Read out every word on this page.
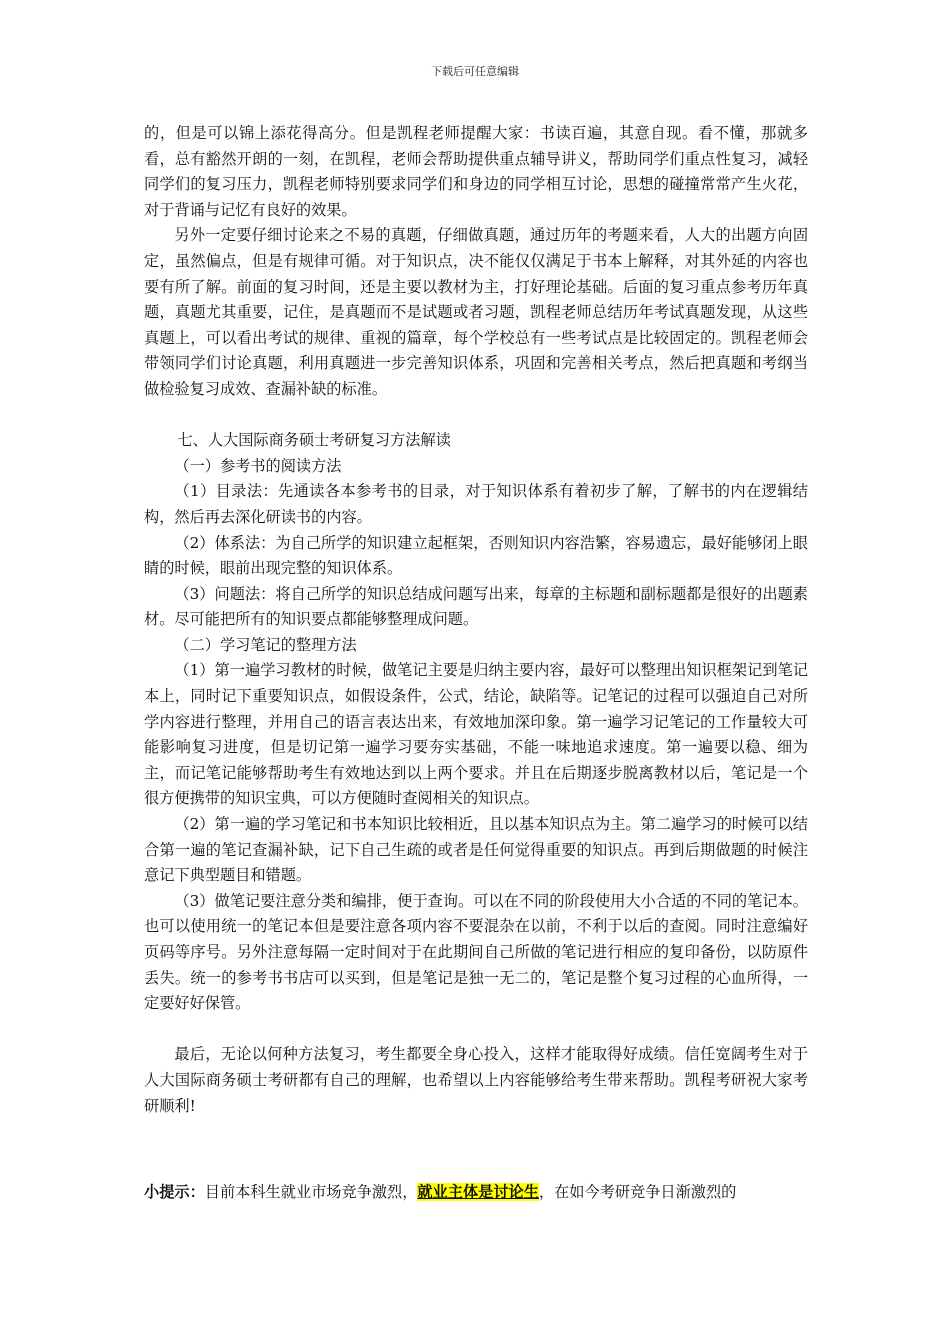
下载后可任意编辑

的，但是可以锦上添花得高分。但是凯程老师提醒大家：书读百遍，其意自现。看不懂，那就多看，总有豁然开朗的一刻，在凯程，老师会帮助提供重点辅导讲义，帮助同学们重点性复习，减轻同学们的复习压力，凯程老师特别要求同学们和身边的同学相互讨论，思想的碰撞常常产生火花，对于背诵与记忆有良好的效果。

另外一定要仔细讨论来之不易的真题，仔细做真题，通过历年的考题来看，人大的出题方向固定，虽然偏点，但是有规律可循。对于知识点，决不能仅仅满足于书本上解释，对其外延的内容也要有所了解。前面的复习时间，还是主要以教材为主，打好理论基础。后面的复习重点参考历年真题，真题尤其重要，记住，是真题而不是试题或者习题，凯程老师总结历年考试真题发现，从这些真题上，可以看出考试的规律、重视的篇章，每个学校总有一些考试点是比较固定的。凯程老师会带领同学们讨论真题，利用真题进一步完善知识体系，巩固和完善相关考点，然后把真题和考纲当做检验复习成效、查漏补缺的标准。

七、人大国际商务硕士考研复习方法解读

（一）参考书的阅读方法

（1）目录法：先通读各本参考书的目录，对于知识体系有着初步了解，了解书的内在逻辑结构，然后再去深化研读书的内容。

（2）体系法：为自己所学的知识建立起框架，否则知识内容浩繁，容易遗忘，最好能够闭上眼睛的时候，眼前出现完整的知识体系。

（3）问题法：将自己所学的知识总结成问题写出来，每章的主标题和副标题都是很好的出题素材。尽可能把所有的知识要点都能够整理成问题。

（二）学习笔记的整理方法

（1）第一遍学习教材的时候，做笔记主要是归纳主要内容，最好可以整理出知识框架记到笔记本上，同时记下重要知识点，如假设条件，公式，结论，缺陷等。记笔记的过程可以强迫自己对所学内容进行整理，并用自己的语言表达出来，有效地加深印象。第一遍学习记笔记的工作量较大可能影响复习进度，但是切记第一遍学习要夯实基础，不能一味地追求速度。第一遍要以稳、细为主，而记笔记能够帮助考生有效地达到以上两个要求。并且在后期逐步脱离教材以后，笔记是一个很方便携带的知识宝典，可以方便随时查阅相关的知识点。

（2）第一遍的学习笔记和书本知识比较相近，且以基本知识点为主。第二遍学习的时候可以结合第一遍的笔记查漏补缺，记下自己生疏的或者是任何觉得重要的知识点。再到后期做题的时候注意记下典型题目和错题。

（3）做笔记要注意分类和编排，便于查询。可以在不同的阶段使用大小合适的不同的笔记本。也可以使用统一的笔记本但是要注意各项内容不要混杂在以前，不利于以后的查阅。同时注意编好页码等序号。另外注意每隔一定时间对于在此期间自己所做的笔记进行相应的复印备份，以防原件丢失。统一的参考书书店可以买到，但是笔记是独一无二的，笔记是整个复习过程的心血所得，一定要好好保管。

最后，无论以何种方法复习，考生都要全身心投入，这样才能取得好成绩。信任宽阔考生对于人大国际商务硕士考研都有自己的理解，也希望以上内容能够给考生带来帮助。凯程考研祝大家考研顺利!

小提示：目前本科生就业市场竞争激烈，就业主体是讨论生，在如今考研竞争日渐激烈的
